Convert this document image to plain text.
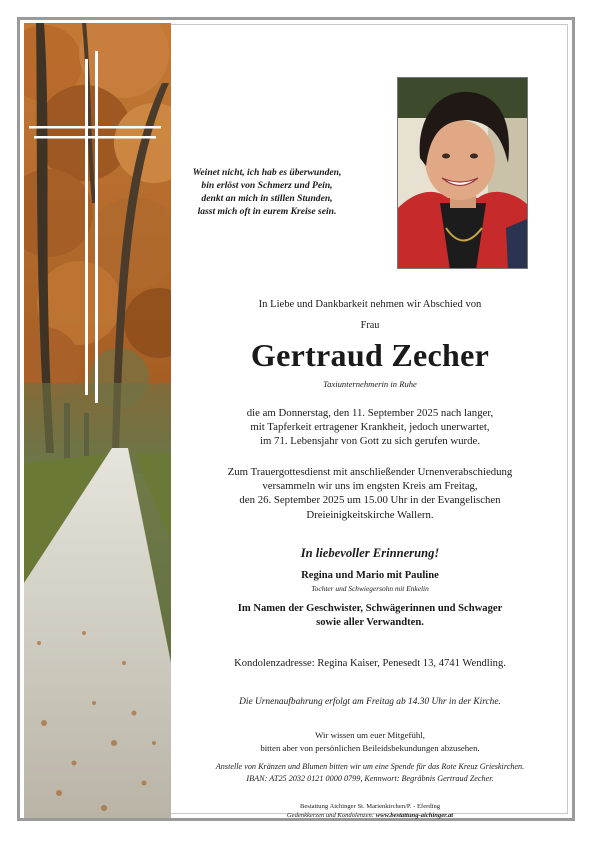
Weinet nicht, ich hab es überwunden,
bin erlöst von Schmerz und Pein,
denkt an mich in stillen Stunden,
lasst mich oft in eurem Kreise sein.
In Liebe und Dankbarkeit nehmen wir Abschied von
Frau
Gertraud Zecher
Taxiunternehmerin in Ruhe
die am Donnerstag, den 11. September 2025 nach langer,
mit Tapferkeit ertragener Krankheit, jedoch unerwartet,
im 71. Lebensjahr von Gott zu sich gerufen wurde.
Zum Trauergottesdienst mit anschließender Urnenverabschiedung
versammeln wir uns im engsten Kreis am Freitag,
den 26. September 2025 um 15.00 Uhr in der Evangelischen
Dreieinigkeitskirche Wallern.
In liebevoller Erinnerung!
Regina und Mario mit Pauline
Tochter und Schwiegersohn mit Enkelin
Im Namen der Geschwister, Schwägerinnen und Schwager
sowie aller Verwandten.
Kondolenzadresse: Regina Kaiser, Penesedt 13, 4741 Wendling.
Die Urnenaufbahrung erfolgt am Freitag ab 14.30 Uhr in der Kirche.
Wir wissen um euer Mitgefühl,
bitten aber von persönlichen Beileidsbekundungen abzusehen.
Anstelle von Kränzen und Blumen bitten wir um eine Spende für das Rote Kreuz Grieskirchen.
IBAN: AT25 2032 0121 0000 0799, Kennwort: Begräbnis Gertraud Zecher.
Bestattung Aichinger St. Marienkirchen/P. - Eferding
Gedenkkerzen und Kondolenzen: www.bestattung-aichinger.at
